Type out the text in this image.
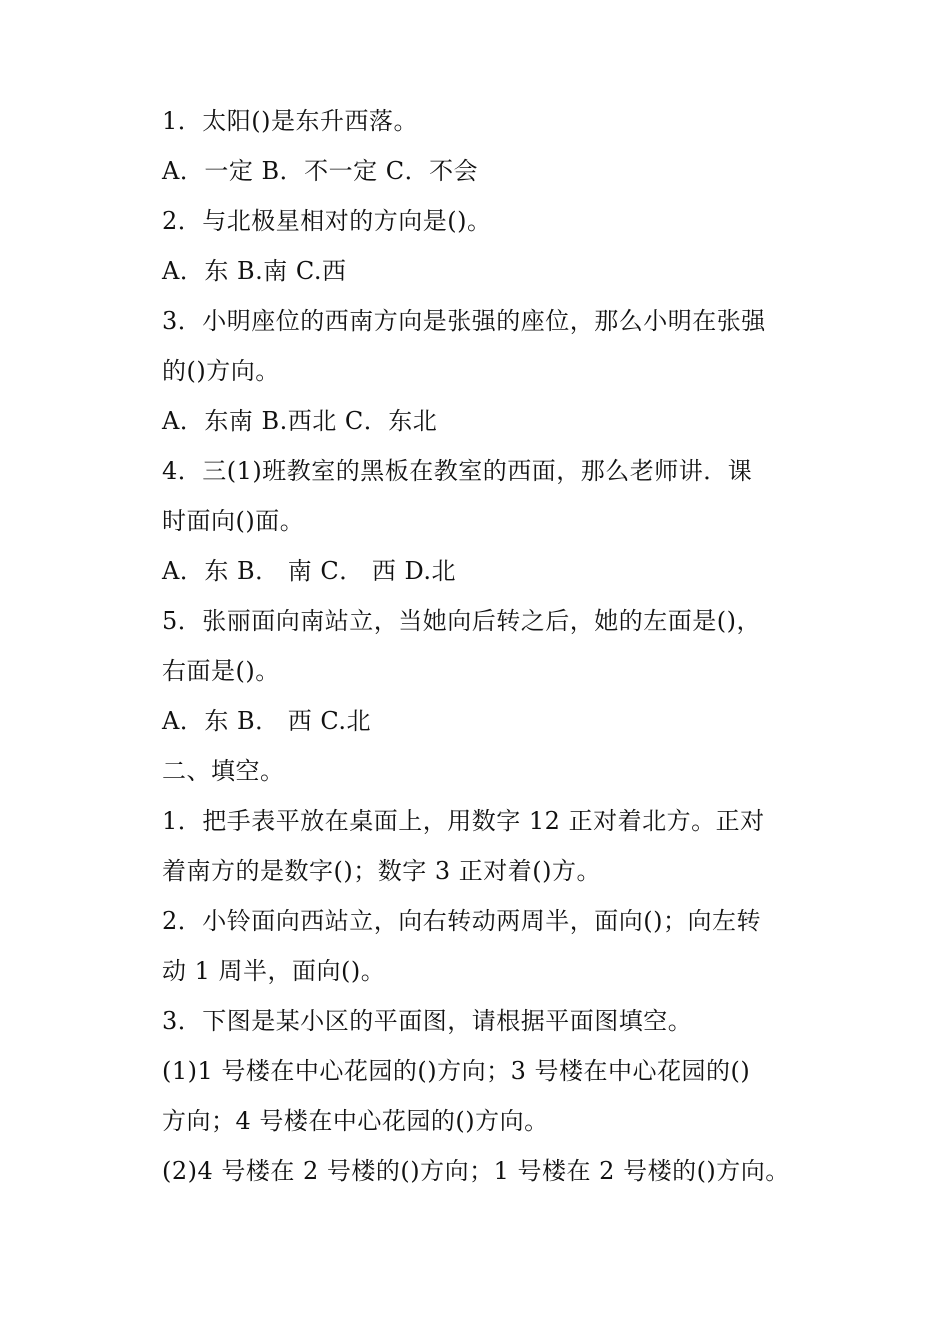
1．太阳()是东升西落。
A．一定 B．不一定 C．不会
2．与北极星相对的方向是()。
A．东 B.南 C.西
3．小明座位的西南方向是张强的座位，那么小明在张强
的()方向。
A．东南 B.西北 C．东北
4．三(1)班教室的黑板在教室的西面，那么老师讲．课
时面向()面。
A．东 B． 南 C． 西 D.北
5．张丽面向南站立，当她向后转之后，她的左面是()，
右面是()。
A．东 B． 西 C.北
二、填空。
1．把手表平放在桌面上，用数字 12 正对着北方。正对
着南方的是数字()；数字 3 正对着()方。
2．小铃面向西站立，向右转动两周半，面向()；向左转
动 1 周半，面向()。
3．下图是某小区的平面图，请根据平面图填空。
(1)1 号楼在中心花园的()方向；3 号楼在中心花园的()
方向；4 号楼在中心花园的()方向。
(2)4 号楼在 2 号楼的()方向；1 号楼在 2 号楼的()方向。
